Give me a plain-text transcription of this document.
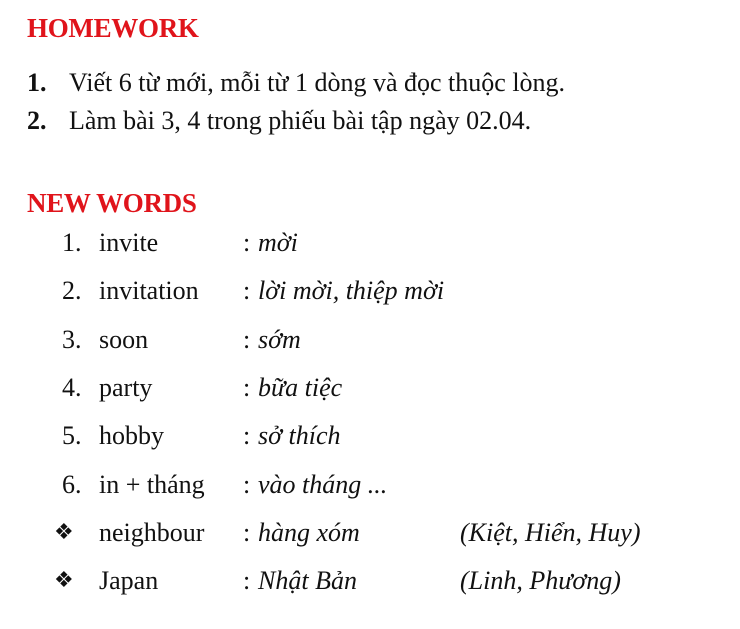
HOMEWORK
1. Viết 6 từ mới, mỗi từ 1 dòng và đọc thuộc lòng.
2. Làm bài 3, 4 trong phiếu bài tập ngày 02.04.
NEW WORDS
1. invite	: mời
2. invitation : lời mời, thiệp mời
3. soon	: sớm
4. party	: bữa tiệc
5. hobby	: sở thích
6. in + tháng : vào tháng ...
❖ neighbour : hàng xóm	(Kiệt, Hiển, Huy)
❖ Japan	: Nhật Bản	(Linh, Phương)
